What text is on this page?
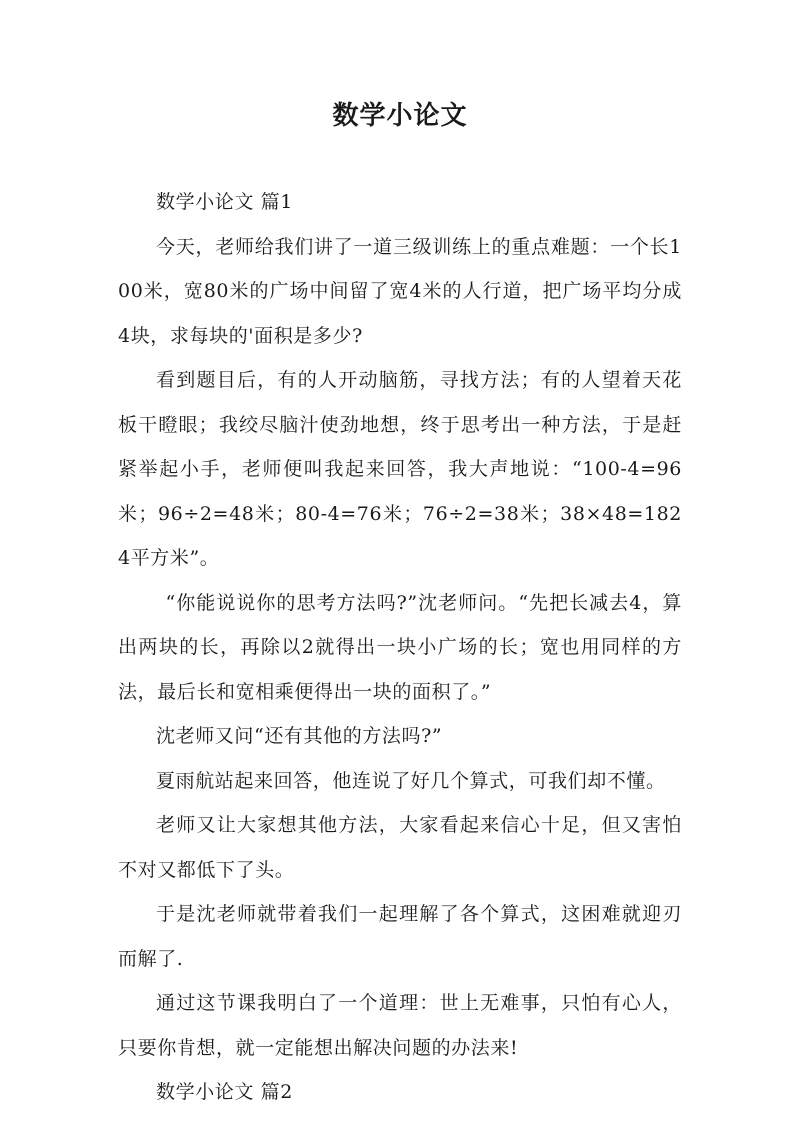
数学小论文

数学小论文 篇1

今天，老师给我们讲了一道三级训练上的重点难题：一个长100米，宽80米的广场中间留了宽4米的人行道，把广场平均分成4块，求每块的'面积是多少?

看到题目后，有的人开动脑筋，寻找方法；有的人望着天花板干瞪眼；我绞尽脑汁使劲地想，终于思考出一种方法，于是赶紧举起小手，老师便叫我起来回答，我大声地说：“100-4=96米；96÷2=48米；80-4=76米；76÷2=38米；38×48=1824平方米”。

“你能说说你的思考方法吗?”沈老师问。“先把长减去4，算出两块的长，再除以2就得出一块小广场的长；宽也用同样的方法，最后长和宽相乘便得出一块的面积了。”

沈老师又问“还有其他的方法吗?”

夏雨航站起来回答，他连说了好几个算式，可我们却不懂。

老师又让大家想其他方法，大家看起来信心十足，但又害怕不对又都低下了头。

于是沈老师就带着我们一起理解了各个算式，这困难就迎刃而解了.

通过这节课我明白了一个道理：世上无难事，只怕有心人，只要你肯想，就一定能想出解决问题的办法来!

数学小论文 篇2
